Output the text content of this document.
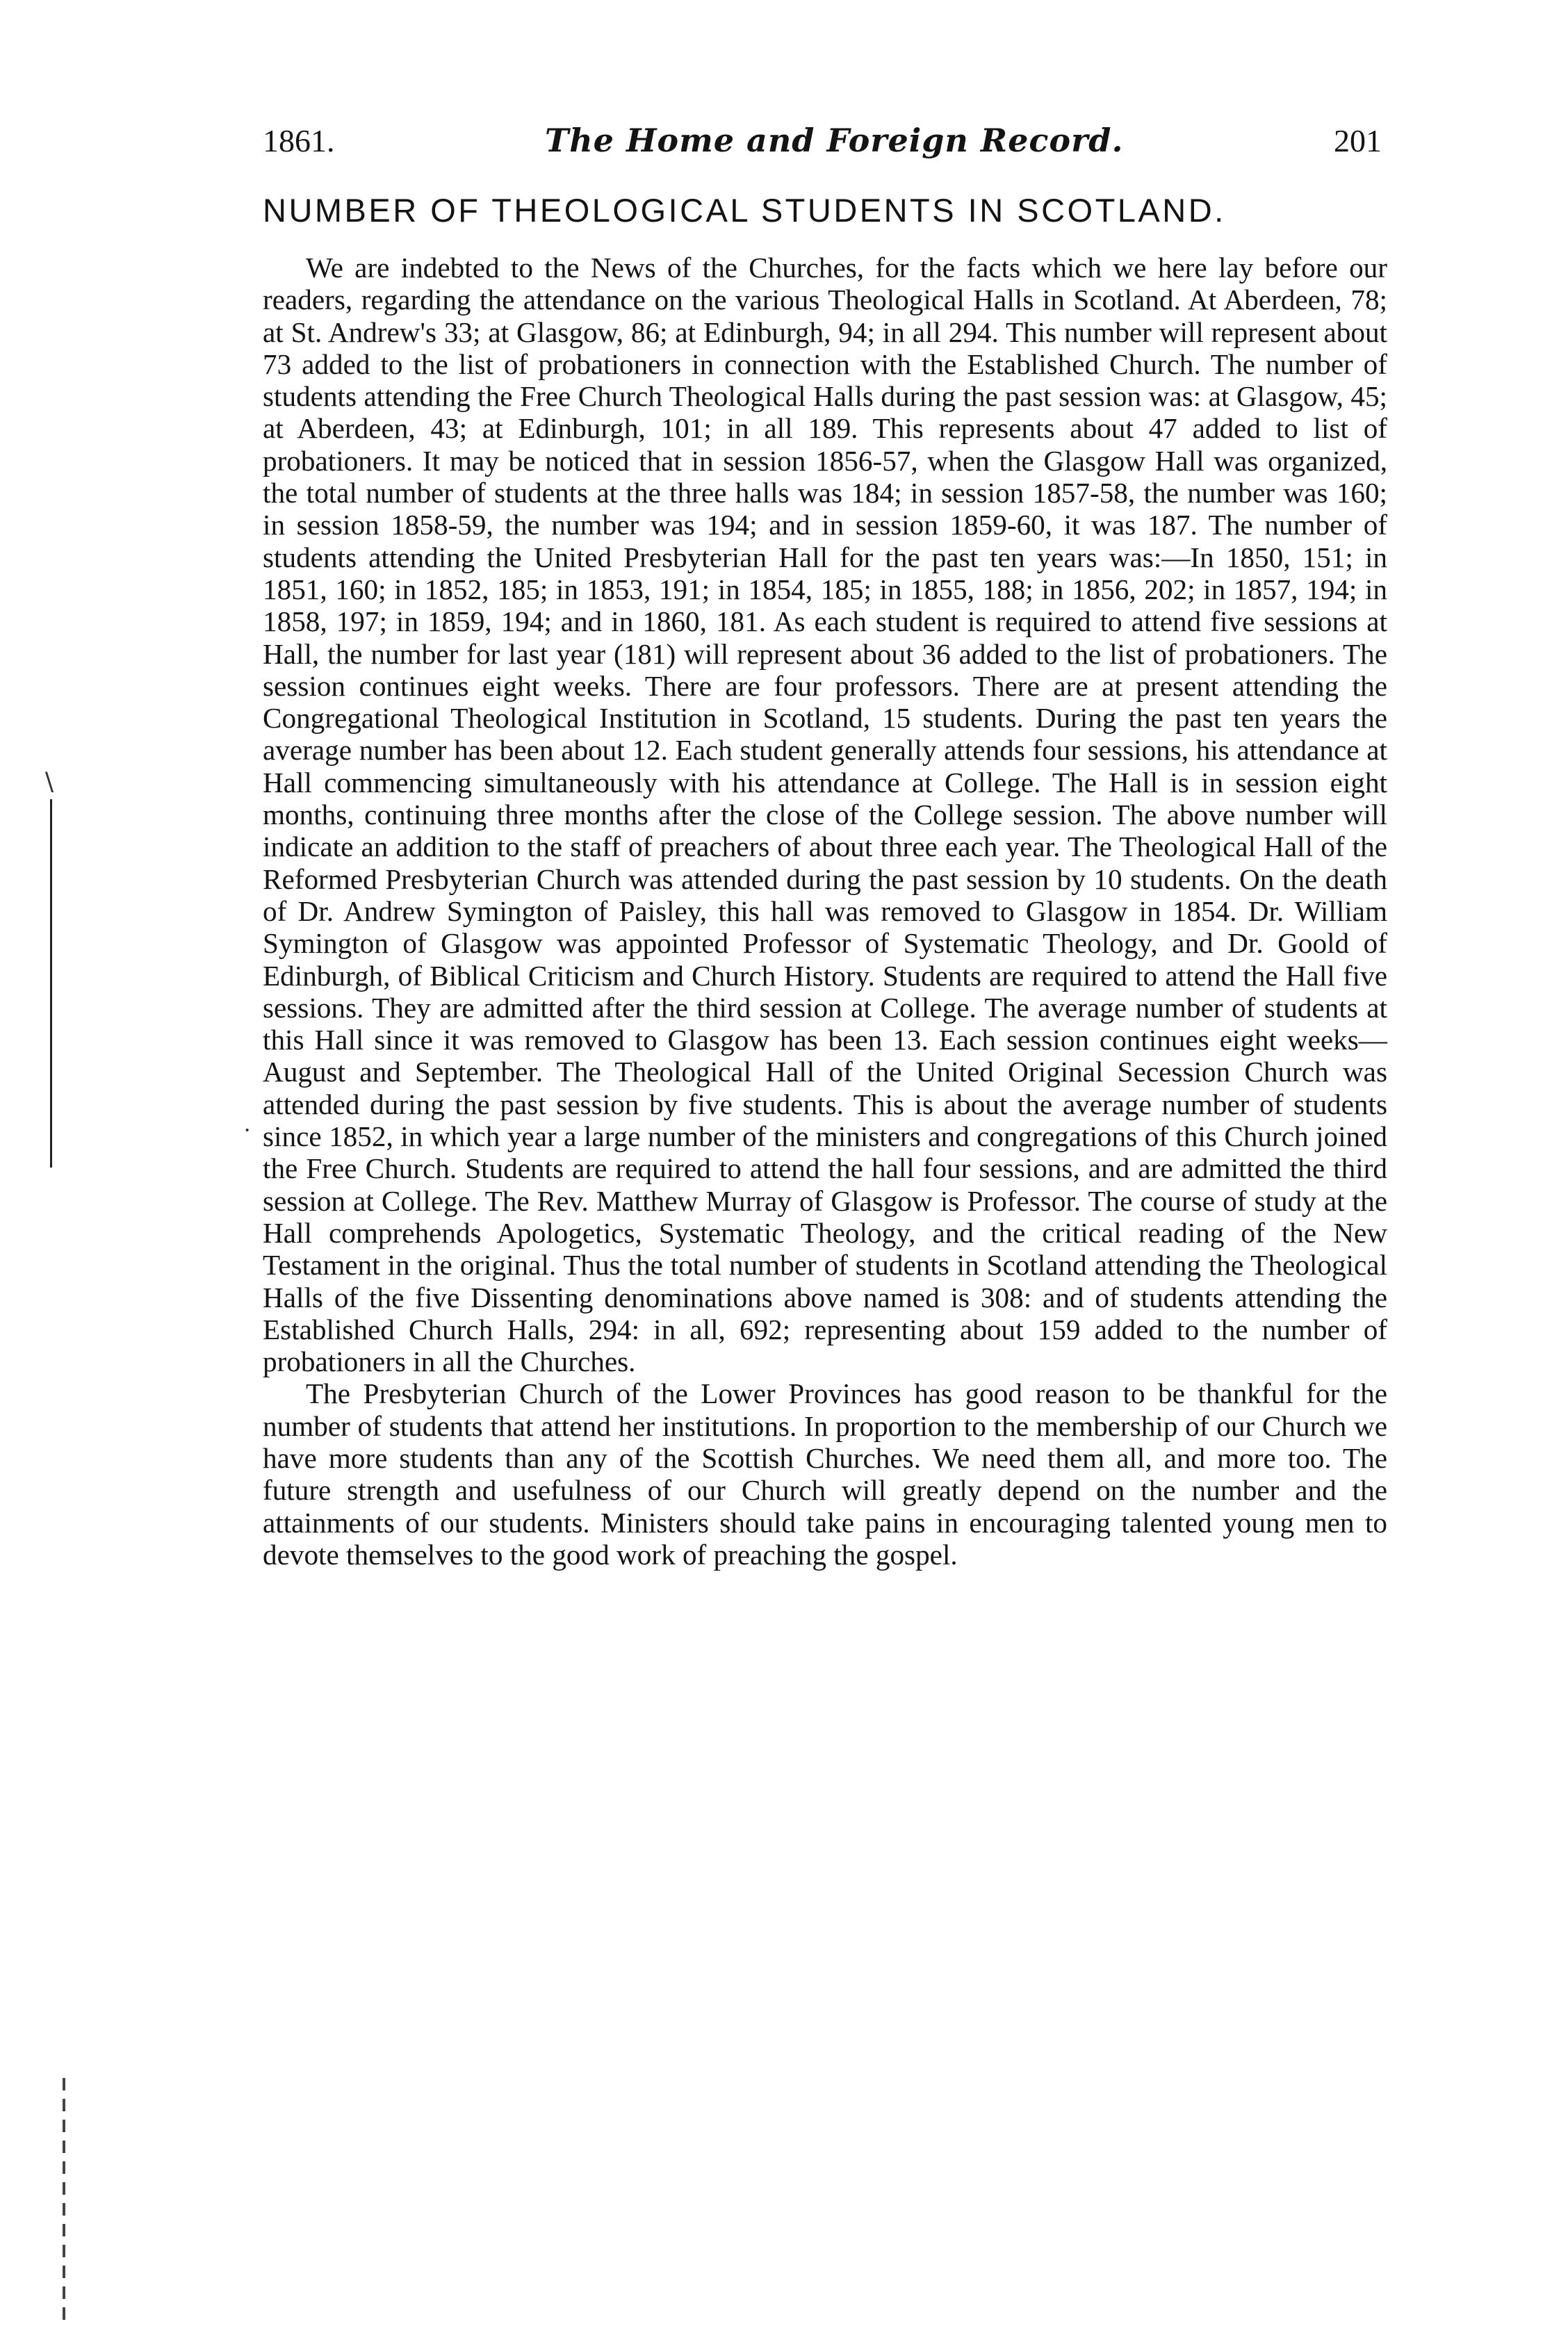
1861.	The Home and Foreign Record.	201
NUMBER OF THEOLOGICAL STUDENTS IN SCOTLAND.

We are indebted to the News of the Churches, for the facts which we here lay before our readers, regarding the attendance on the various Theological Halls in Scotland. At Aberdeen, 78; at St. Andrew's 33; at Glasgow, 86; at Edinburgh, 94; in all 294. This number will represent about 73 added to the list of probationers in connection with the Established Church. The number of students attending the Free Church Theological Halls during the past session was: at Glasgow, 45; at Aberdeen, 43; at Edinburgh, 101; in all 189. This represents about 47 added to list of probationers. It may be noticed that in session 1856-57, when the Glasgow Hall was organized, the total number of students at the three halls was 184; in session 1857-58, the number was 160; in session 1858-59, the number was 194; and in session 1859-60, it was 187. The number of students attending the United Presbyterian Hall for the past ten years was:—In 1850, 151; in 1851, 160; in 1852, 185; in 1853, 191; in 1854, 185; in 1855, 188; in 1856, 202; in 1857, 194; in 1858, 197; in 1859, 194; and in 1860, 181. As each student is required to attend five sessions at Hall, the number for last year (181) will represent about 36 added to the list of probationers. The session continues eight weeks. There are four professors. There are at present attending the Congregational Theological Institution in Scotland, 15 students. During the past ten years the average number has been about 12. Each student generally attends four sessions, his attendance at Hall commencing simultaneously with his attendance at College. The Hall is in session eight months, continuing three months after the close of the College session. The above number will indicate an addition to the staff of preachers of about three each year. The Theological Hall of the Reformed Presbyterian Church was attended during the past session by 10 students. On the death of Dr. Andrew Symington of Paisley, this hall was removed to Glasgow in 1854. Dr. William Symington of Glasgow was appointed Professor of Systematic Theology, and Dr. Goold of Edinburgh, of Biblical Criticism and Church History. Students are required to attend the Hall five sessions. They are admitted after the third session at College. The average number of students at this Hall since it was removed to Glasgow has been 13. Each session continues eight weeks—August and September. The Theological Hall of the United Original Secession Church was attended during the past session by five students. This is about the average number of students since 1852, in which year a large number of the ministers and congregations of this Church joined the Free Church. Students are required to attend the hall four sessions, and are admitted the third session at College. The Rev. Matthew Murray of Glasgow is Professor. The course of study at the Hall comprehends Apologetics, Systematic Theology, and the critical reading of the New Testament in the original. Thus the total number of students in Scotland attending the Theological Halls of the five Dissenting denominations above named is 308: and of students attending the Established Church Halls, 294: in all, 692; representing about 159 added to the number of probationers in all the Churches.

The Presbyterian Church of the Lower Provinces has good reason to be thankful for the number of students that attend her institutions. In proportion to the membership of our Church we have more students than any of the Scottish Churches. We need them all, and more too. The future strength and usefulness of our Church will greatly depend on the number and the attainments of our students. Ministers should take pains in encouraging talented young men to devote themselves to the good work of preaching the gospel.

∖
·
